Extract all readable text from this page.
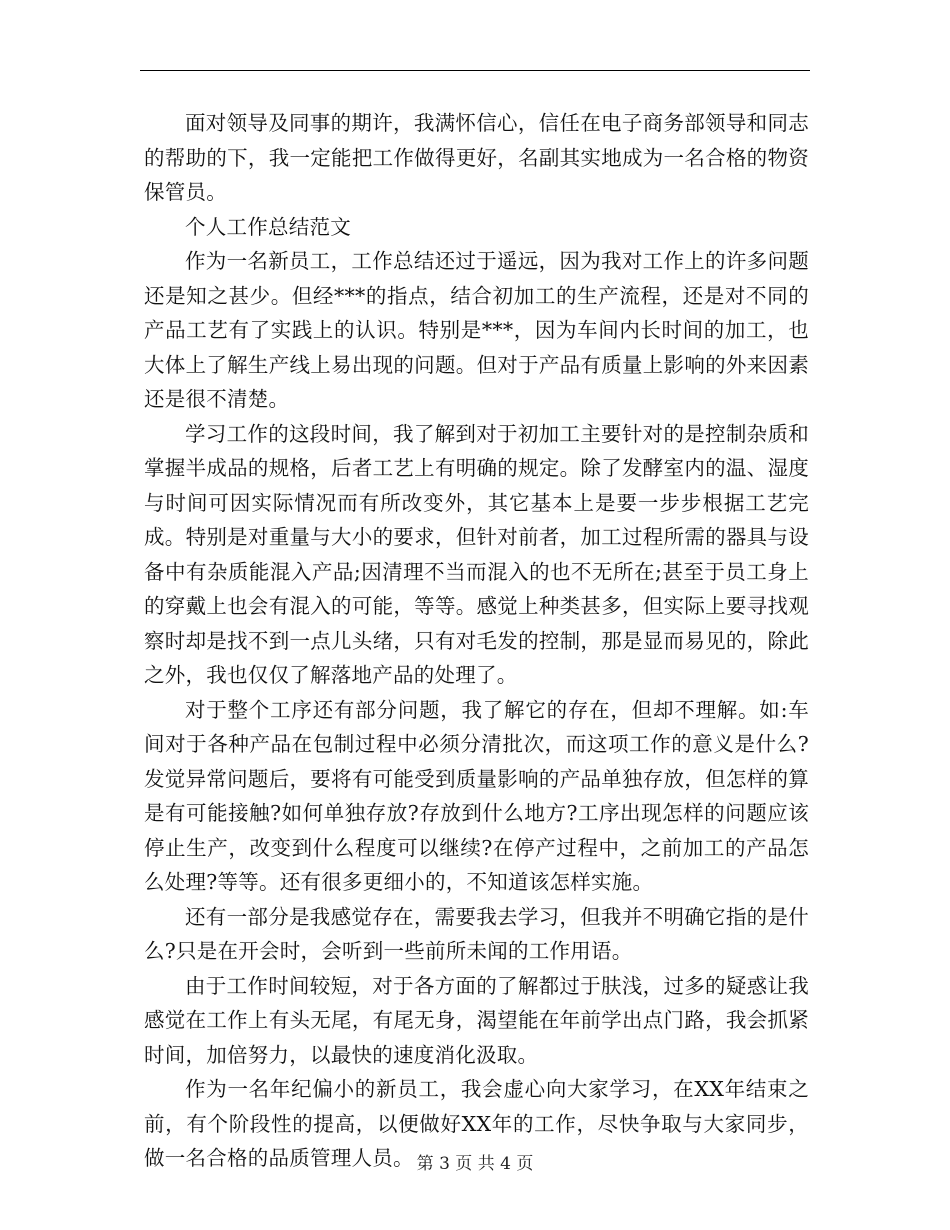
面对领导及同事的期许，我满怀信心，信任在电子商务部领导和同志的帮助的下，我一定能把工作做得更好，名副其实地成为一名合格的物资保管员。

个人工作总结范文

作为一名新员工，工作总结还过于遥远，因为我对工作上的许多问题还是知之甚少。但经***的指点，结合初加工的生产流程，还是对不同的产品工艺有了实践上的认识。特别是***，因为车间内长时间的加工，也大体上了解生产线上易出现的问题。但对于产品有质量上影响的外来因素还是很不清楚。

学习工作的这段时间，我了解到对于初加工主要针对的是控制杂质和掌握半成品的规格，后者工艺上有明确的规定。除了发酵室内的温、湿度与时间可因实际情况而有所改变外，其它基本上是要一步步根据工艺完成。特别是对重量与大小的要求，但针对前者，加工过程所需的器具与设备中有杂质能混入产品;因清理不当而混入的也不无所在;甚至于员工身上的穿戴上也会有混入的可能，等等。感觉上种类甚多，但实际上要寻找观察时却是找不到一点儿头绪，只有对毛发的控制，那是显而易见的，除此之外，我也仅仅了解落地产品的处理了。

对于整个工序还有部分问题，我了解它的存在，但却不理解。如:车间对于各种产品在包制过程中必须分清批次，而这项工作的意义是什么?发觉异常问题后，要将有可能受到质量影响的产品单独存放，但怎样的算是有可能接触?如何单独存放?存放到什么地方?工序出现怎样的问题应该停止生产，改变到什么程度可以继续?在停产过程中，之前加工的产品怎么处理?等等。还有很多更细小的，不知道该怎样实施。

还有一部分是我感觉存在，需要我去学习，但我并不明确它指的是什么?只是在开会时，会听到一些前所未闻的工作用语。

由于工作时间较短，对于各方面的了解都过于肤浅，过多的疑惑让我感觉在工作上有头无尾，有尾无身，渴望能在年前学出点门路，我会抓紧时间，加倍努力，以最快的速度消化汲取。

作为一名年纪偏小的新员工，我会虚心向大家学习，在XX年结束之前，有个阶段性的提高，以便做好XX年的工作，尽快争取与大家同步，做一名合格的品质管理人员。 第 3 页 共 4 页
